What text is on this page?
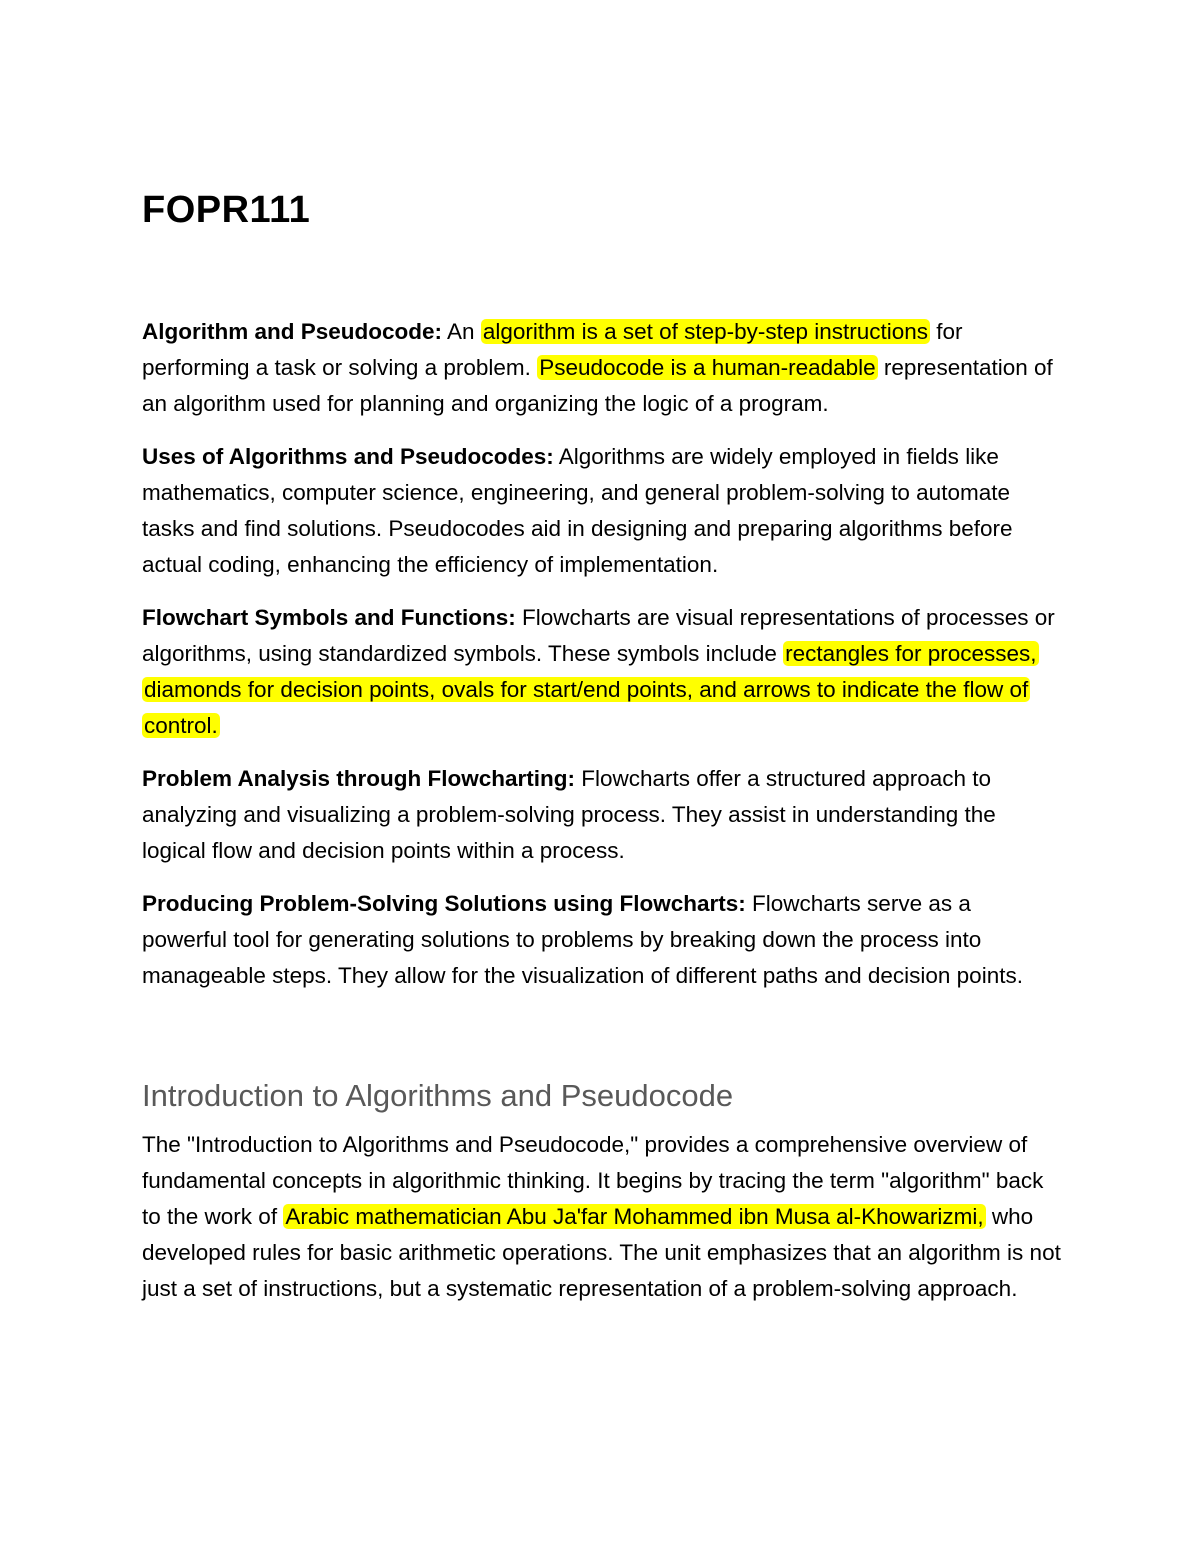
FOPR111

Algorithm and Pseudocode: An algorithm is a set of step-by-step instructions for performing a task or solving a problem. Pseudocode is a human-readable representation of an algorithm used for planning and organizing the logic of a program.

Uses of Algorithms and Pseudocodes: Algorithms are widely employed in fields like mathematics, computer science, engineering, and general problem-solving to automate tasks and find solutions. Pseudocodes aid in designing and preparing algorithms before actual coding, enhancing the efficiency of implementation.

Flowchart Symbols and Functions: Flowcharts are visual representations of processes or algorithms, using standardized symbols. These symbols include rectangles for processes, diamonds for decision points, ovals for start/end points, and arrows to indicate the flow of control.

Problem Analysis through Flowcharting: Flowcharts offer a structured approach to analyzing and visualizing a problem-solving process. They assist in understanding the logical flow and decision points within a process.

Producing Problem-Solving Solutions using Flowcharts: Flowcharts serve as a powerful tool for generating solutions to problems by breaking down the process into manageable steps. They allow for the visualization of different paths and decision points.

Introduction to Algorithms and Pseudocode

The "Introduction to Algorithms and Pseudocode," provides a comprehensive overview of fundamental concepts in algorithmic thinking. It begins by tracing the term "algorithm" back to the work of Arabic mathematician Abu Ja'far Mohammed ibn Musa al-Khowarizmi, who developed rules for basic arithmetic operations. The unit emphasizes that an algorithm is not just a set of instructions, but a systematic representation of a problem-solving approach.
